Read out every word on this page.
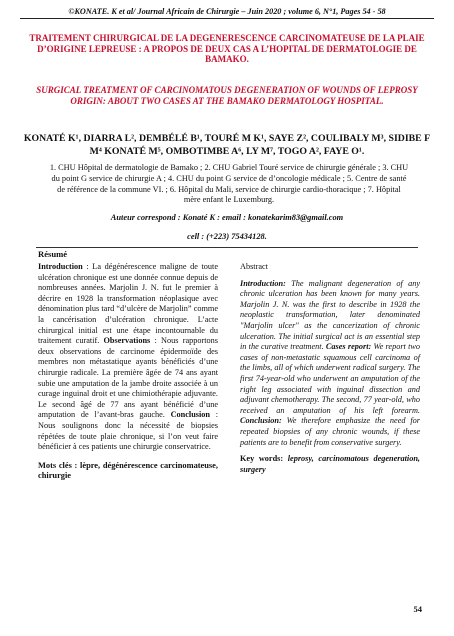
©KONATE. K et al/ Journal Africain de Chirurgie – Juin 2020 ; volume 6, N°1, Pages 54 - 58
TRAITEMENT CHIRURGICAL DE LA DEGENERESCENCE CARCINOMATEUSE DE LA PLAIE D’ORIGINE LEPREUSE : A PROPOS DE DEUX CAS A L’HOPITAL DE DERMATOLOGIE DE BAMAKO.
SURGICAL TREATMENT OF CARCINOMATOUS DEGENERATION OF WOUNDS OF LEPROSY ORIGIN: ABOUT TWO CASES AT THE BAMAKO DERMATOLOGY HOSPITAL.
KONATÉ K¹, DIARRA L², DEMBÉLÉ B¹, TOURÉ M K¹, SAYE Z², COULIBALY M³, SIDIBE F M⁴ KONATÉ M⁵, OMBOTIMBE A⁶, LY M⁷, TOGO A², FAYE O¹.
1. CHU Hôpital de dermatologie de Bamako ; 2. CHU Gabriel Touré service de chirurgie générale ; 3. CHU du point G service de chirurgie A ; 4. CHU du point G service de d’oncologie médicale ; 5. Centre de santé de référence de la commune VI. ; 6. Hôpital du Mali, service de chirurgie cardio-thoracique ; 7. Hôpital mère enfant le Luxemburg.
Auteur correspond : Konaté K : email : konatekarim83@gmail.com
cell : (+223) 75434128.
Résumé
Introduction : La dégénérescence maligne de toute ulcération chronique est une donnée connue depuis de nombreuses années. Marjolin J. N. fut le premier à décrire en 1928 la transformation néoplasique avec dénomination plus tard “d’ulcère de Marjolin” comme la cancérisation d’ulcération chronique. L’acte chirurgical initial est une étape incontournable du traitement curatif. Observations : Nous rapportons deux observations de carcinome épidermoïde des membres non métastatique ayants bénéficiés d’une chirurgie radicale. La première âgée de 74 ans ayant subie une amputation de la jambe droite associée à un curage inguinal droit et une chimiothérapie adjuvante. Le second âgé de 77 ans ayant bénéficié d’une amputation de l’avant-bras gauche. Conclusion : Nous soulignons donc la nécessité de biopsies répétées de toute plaie chronique, si l’on veut faire bénéficier à ces patients une chirurgie conservatrice.
Mots clés : lèpre, dégénérescence carcinomateuse, chirurgie
Abstract
Introduction: The malignant degeneration of any chronic ulceration has been known for many years. Marjolin J. N. was the first to describe in 1928 the neoplastic transformation, later denominated "Marjolin ulcer" as the cancerization of chronic ulceration. The initial surgical act is an essential step in the curative treatment. Cases report: We report two cases of non-metastatic squamous cell carcinoma of the limbs, all of which underwent radical surgery. The first 74-year-old who underwent an amputation of the right leg associated with inguinal dissection and adjuvant chemotherapy. The second, 77 year-old, who received an amputation of his left forearm. Conclusion: We therefore emphasize the need for repeated biopsies of any chronic wounds, if these patients are to benefit from conservative surgery.
Key words: leprosy, carcinomatous degeneration, surgery
54
